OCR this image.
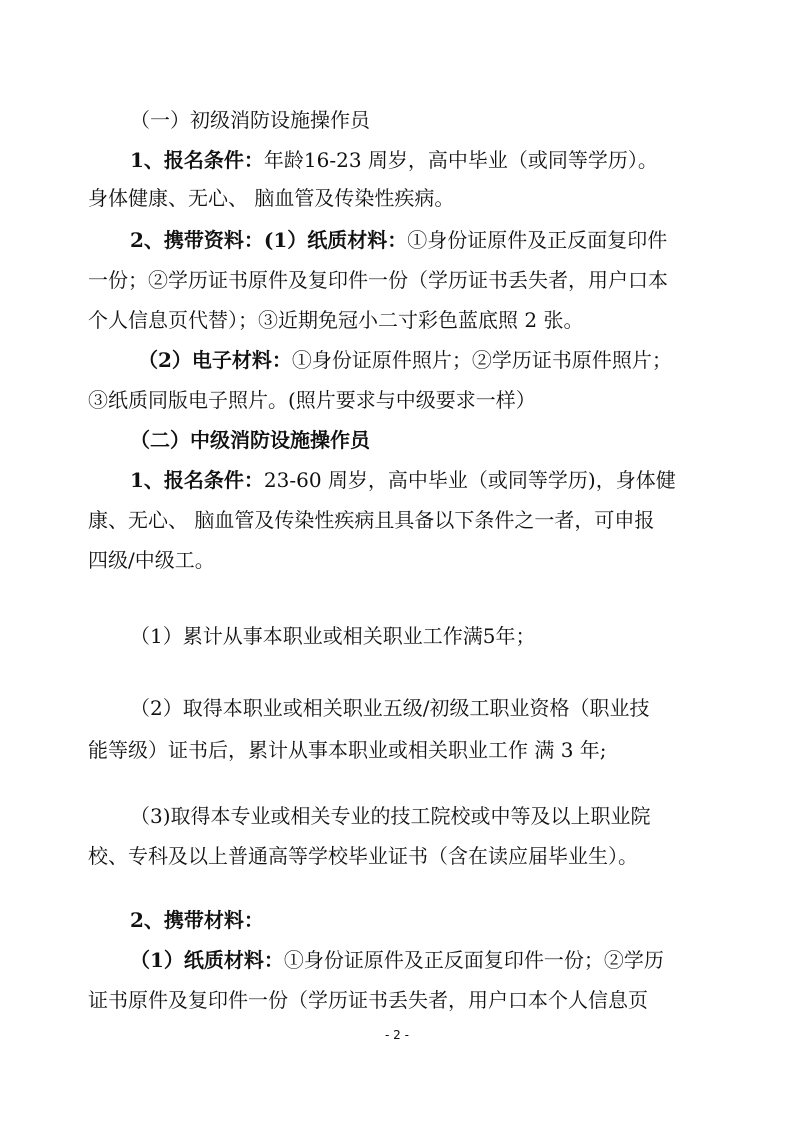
（一）初级消防设施操作员
1、报名条件：年龄16-23 周岁，高中毕业（或同等学历）。
身体健康、无心、 脑血管及传染性疾病。
2、携带资料：(1）纸质材料：①身份证原件及正反面复印件
一份；②学历证书原件及复印件一份（学历证书丢失者，用户口本
个人信息页代替）；③近期免冠小二寸彩色蓝底照 2 张。
（2）电子材料：①身份证原件照片；②学历证书原件照片；
③纸质同版电子照片。(照片要求与中级要求一样）
（二）中级消防设施操作员
1、报名条件：23-60 周岁，高中毕业（或同等学历)，身体健
康、无心、 脑血管及传染性疾病且具备以下条件之一者，可申报
四级/中级工。
（1）累计从事本职业或相关职业工作满5年；
（2）取得本职业或相关职业五级/初级工职业资格（职业技
能等级）证书后，累计从事本职业或相关职业工作 满 3 年;
（3)取得本专业或相关专业的技工院校或中等及以上职业院
校、专科及以上普通高等学校毕业证书（含在读应届毕业生）。
2、携带材料：
（1）纸质材料：①身份证原件及正反面复印件一份；②学历
证书原件及复印件一份（学历证书丢失者，用户口本个人信息页
- 2 -
